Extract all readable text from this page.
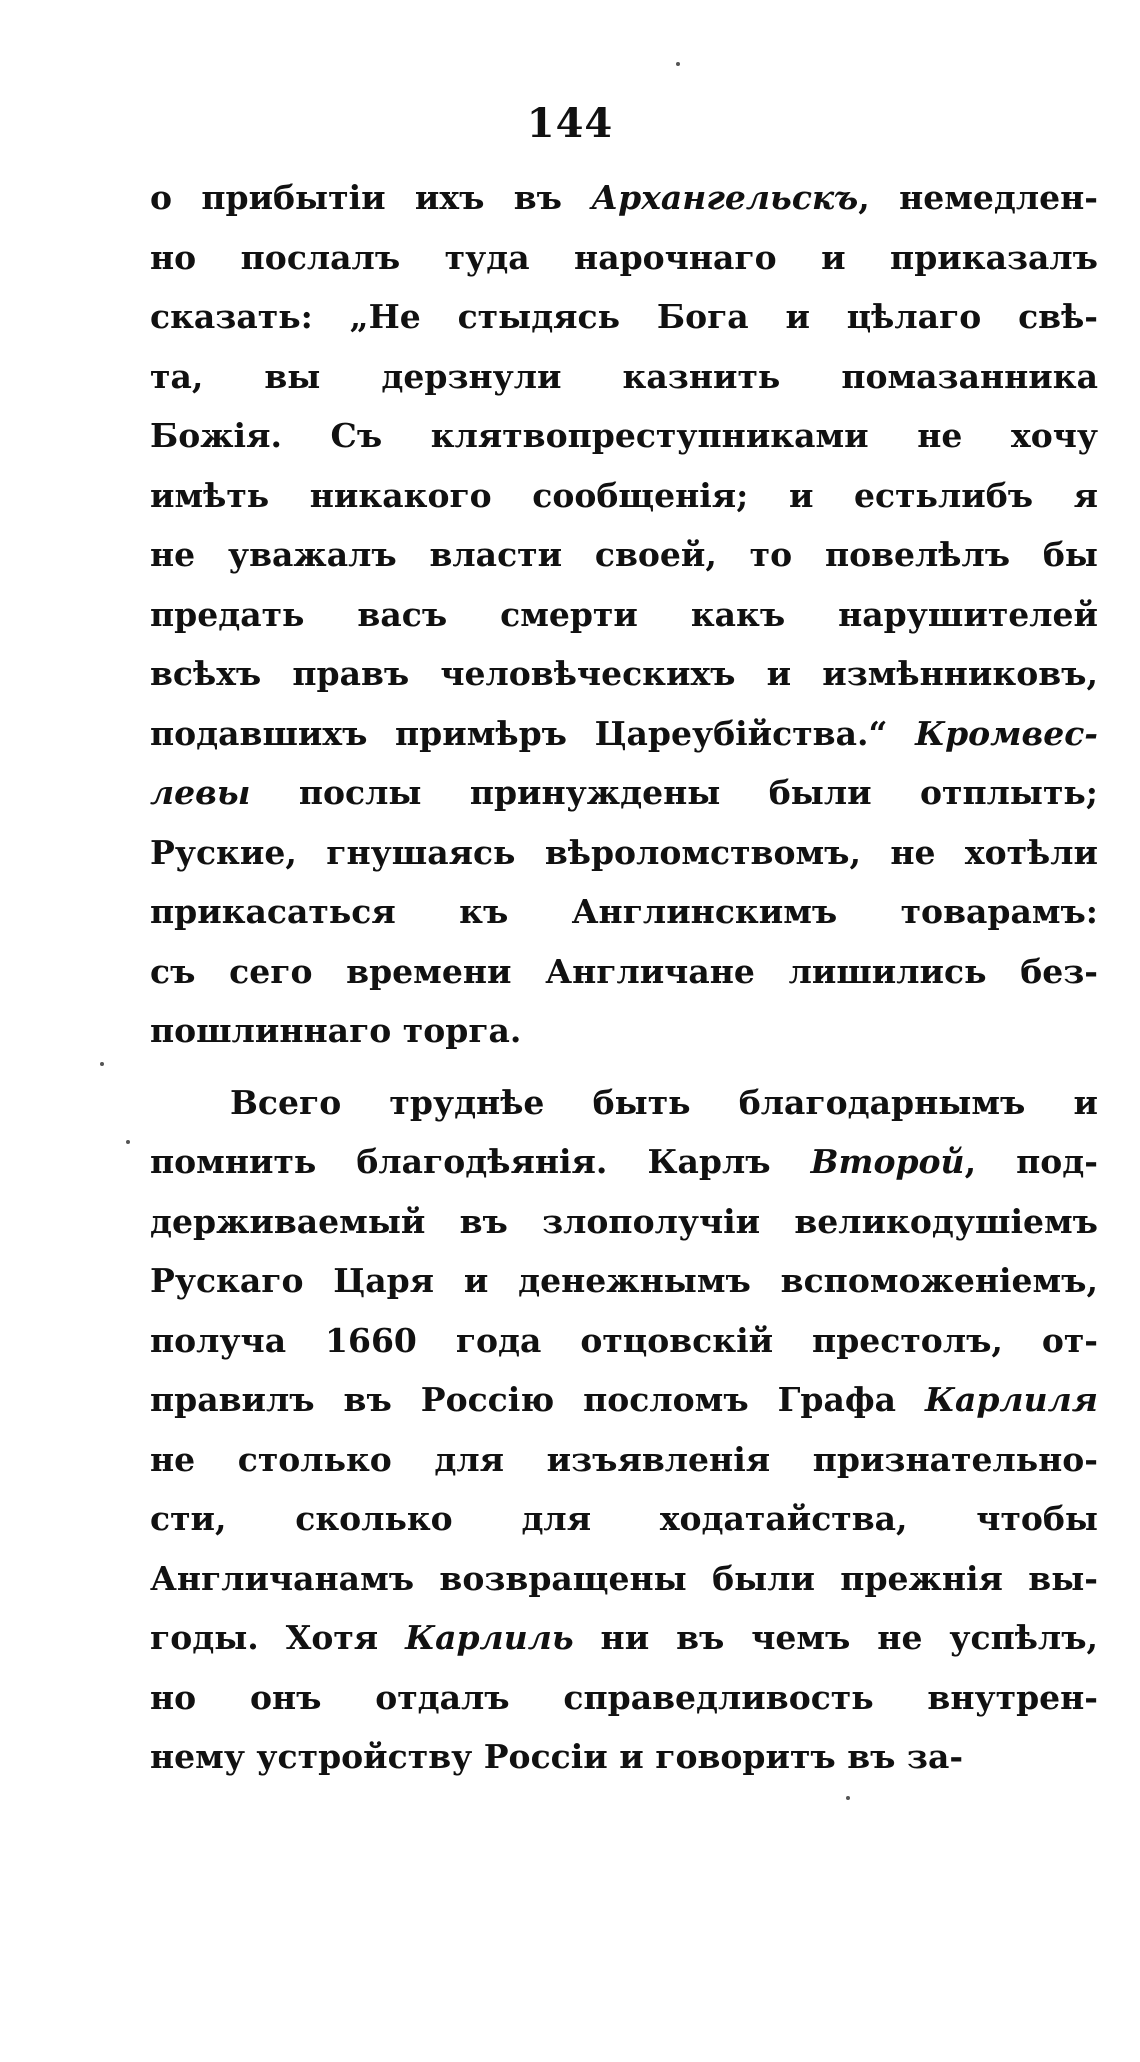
144
о прибытіи ихъ въ Архангельскъ, немедлен-
но послалъ туда нарочнаго и приказалъ
сказать: „Не стыдясь Бога и цѣлаго свѣ-
та, вы дерзнули казнить помазанника
Божія. Съ клятвопреступниками не хочу
имѣть никакого сообщенія; и естьлибъ я
не уважалъ власти своей, то повелѣлъ бы
предать васъ смерти какъ нарушителей
всѣхъ правъ человѣческихъ и измѣнниковъ,
подавшихъ примѣръ Цареубійства.“ Кромвес-
левы послы принуждены были отплыть;
Руские, гнушаясь вѣроломствомъ, не хотѣли
прикасаться къ Англинскимъ товарамъ:
съ сего времени Англичане лишились без-
пошлиннаго торга.
Всего труднѣе быть благодарнымъ и
помнить благодѣянія. Карлъ Второй, под-
держиваемый въ злополучіи великодушіемъ
Рускаго Царя и денежнымъ вспоможеніемъ,
получа 1660 года отцовскій престолъ, от-
правилъ въ Россію посломъ Графа Карлиля
не столько для изъявленія признательно-
сти, сколько для ходатайства, чтобы
Англичанамъ возвращены были прежнія вы-
годы. Хотя Карлиль ни въ чемъ не успѣлъ,
но онъ отдалъ справедливость внутрен-
нему устройству Россіи и говоритъ въ за-
